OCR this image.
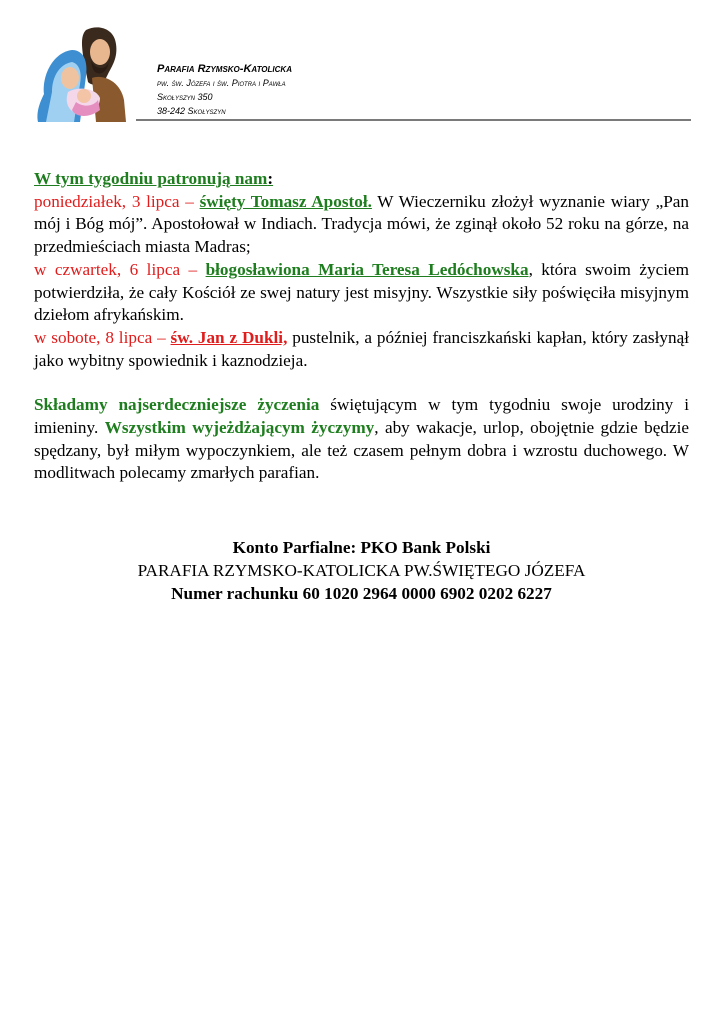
Parafia Rzymsko-Katolicka
pw. św. Józefa i św. Piotra i Pawła
Skołyszyn 350
38-242 Skołyszyn

W tym tygodniu patronują nam:

poniedziałek, 3 lipca – święty Tomasz Apostoł. W Wieczerniku złożył wyznanie wiary „Pan mój i Bóg mój”. Apostołował w Indiach. Tradycja mówi, że zginął około 52 roku na górze, na przedmieściach miasta Madras;

w czwartek, 6 lipca – błogosławiona Maria Teresa Ledóchowska, która swoim życiem potwierdziła, że cały Kościół ze swej natury jest misyjny. Wszystkie siły poświęciła misyjnym dziełom afrykańskim.

w sobote, 8 lipca – św. Jan z Dukli, pustelnik, a później franciszkański kapłan, który zasłynął jako wybitny spowiednik i kaznodzieja.

Składamy najserdeczniejsze życzenia świętującym w tym tygodniu swoje urodziny i imieniny. Wszystkim wyjeżdżającym życzymy, aby wakacje, urlop, obojętnie gdzie będzie spędzany, był miłym wypoczynkiem, ale też czasem pełnym dobra i wzrostu duchowego. W modlitwach polecamy zmarłych parafian.

Konto Parfialne: PKO Bank Polski
PARAFIA RZYMSKO-KATOLICKA PW.ŚWIĘTEGO JÓZEFA
Numer rachunku 60 1020 2964 0000 6902 0202 6227
